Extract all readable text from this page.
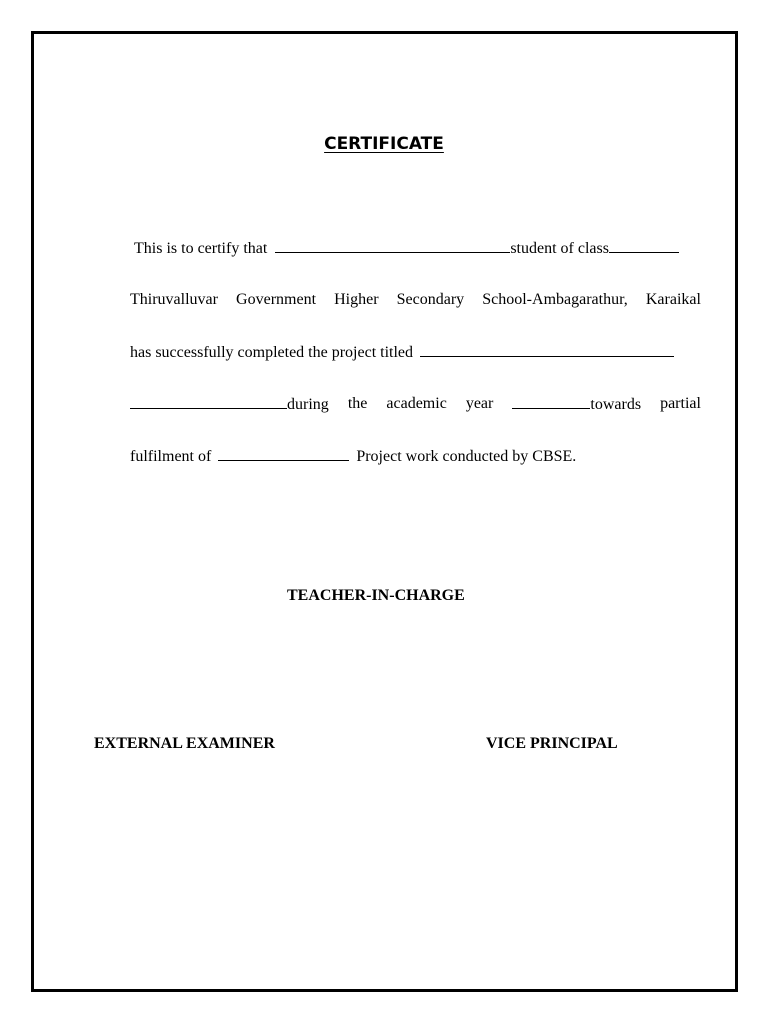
CERTIFICATE
This is to certify that	student of class
Thiruvalluvar Government Higher Secondary School-Ambagarathur, Karaikal
has successfully completed the project titled
during the academic year	towards partial
fulfilment of	Project work conducted by CBSE.
TEACHER-IN-CHARGE
EXTERNAL EXAMINER	VICE PRINCIPAL
